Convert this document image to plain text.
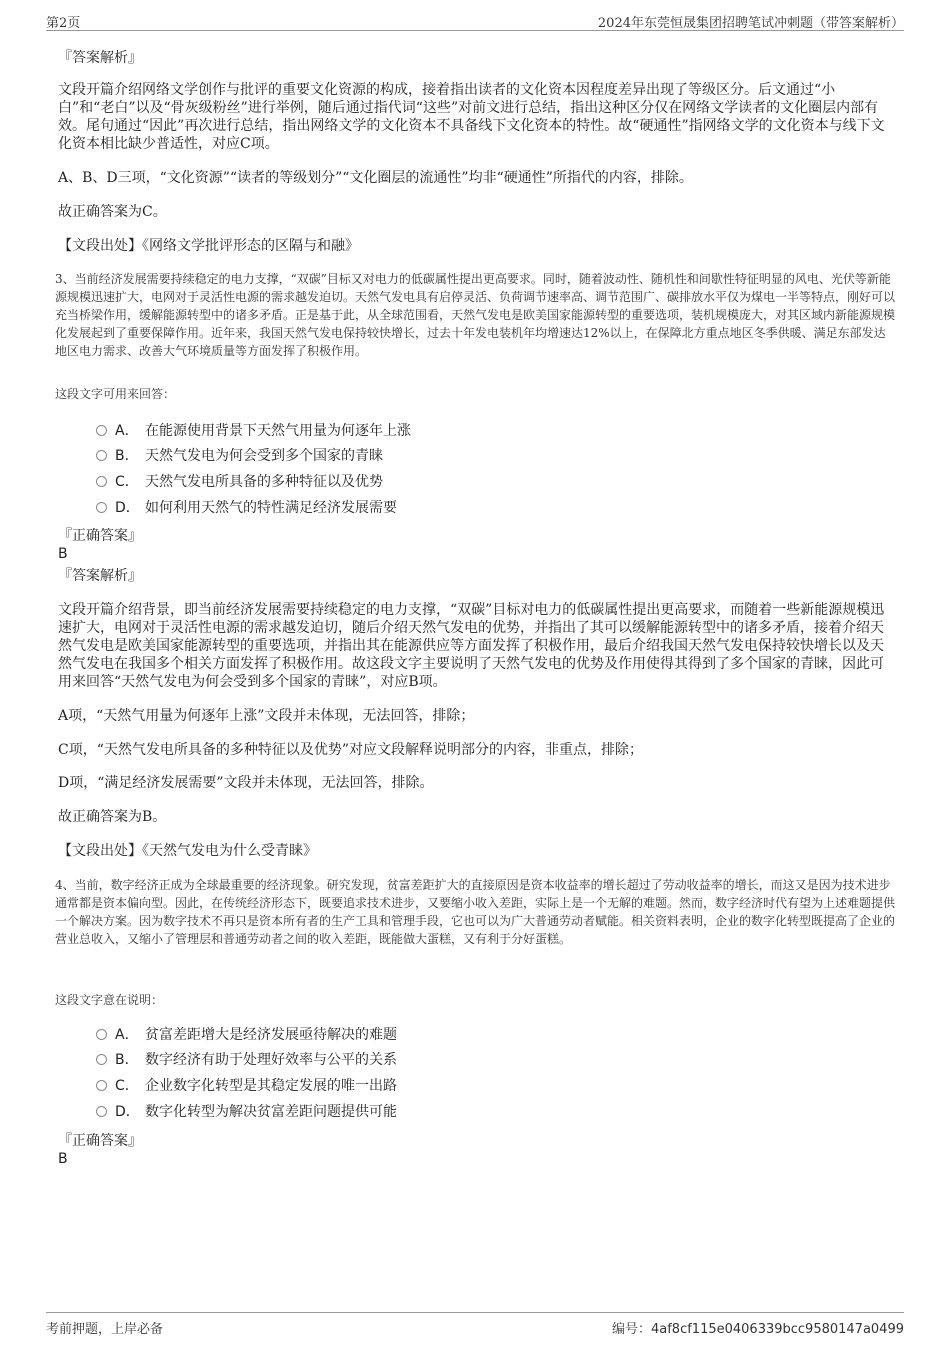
第2页	2024年东莞恒晟集团招聘笔试冲刺题（带答案解析）
『答案解析』

文段开篇介绍网络文学创作与批评的重要文化资源的构成，接着指出读者的文化资本因程度差异出现了等级区分。后文通过“小白”和“老白”以及“骨灰级粉丝”进行举例，随后通过指代词“这些”对前文进行总结，指出这种区分仅在网络文学读者的文化圈层内部有效。尾句通过“因此”再次进行总结，指出网络文学的文化资本不具备线下文化资本的特性。故“硬通性”指网络文学的文化资本与线下文化资本相比缺少普适性，对应C项。

A、B、D三项，“文化资源”“读者的等级划分”“文化圈层的流通性”均非“硬通性”所指代的内容，排除。

故正确答案为C。

【文段出处】《网络文学批评形态的区隔与和融》

3、当前经济发展需要持续稳定的电力支撑，“双碳”目标又对电力的低碳属性提出更高要求。同时，随着波动性、随机性和间歇性特征明显的风电、光伏等新能源规模迅速扩大，电网对于灵活性电源的需求越发迫切。天然气发电具有启停灵活、负荷调节速率高、调节范围广、碳排放水平仅为煤电一半等特点，刚好可以充当桥梁作用，缓解能源转型中的诸多矛盾。正是基于此，从全球范围看，天然气发电是欧美国家能源转型的重要选项，装机规模庞大，对其区域内新能源规模化发展起到了重要保障作用。近年来，我国天然气发电保持较快增长，过去十年发电装机年均增速达12%以上，在保障北方重点地区冬季供暖、满足东部发达地区电力需求、改善大气环境质量等方面发挥了积极作用。

这段文字可用来回答：

A． 在能源使用背景下天然气用量为何逐年上涨
B． 天然气发电为何会受到多个国家的青睐
C． 天然气发电所具备的多种特征以及优势
D． 如何利用天然气的特性满足经济发展需要
『正确答案』
B
『答案解析』

文段开篇介绍背景，即当前经济发展需要持续稳定的电力支撑，“双碳”目标对电力的低碳属性提出更高要求，而随着一些新能源规模迅速扩大，电网对于灵活性电源的需求越发迫切，随后介绍天然气发电的优势，并指出了其可以缓解能源转型中的诸多矛盾，接着介绍天然气发电是欧美国家能源转型的重要选项，并指出其在能源供应等方面发挥了积极作用，最后介绍我国天然气发电保持较快增长以及天然气发电在我国多个相关方面发挥了积极作用。故这段文字主要说明了天然气发电的优势及作用使得其得到了多个国家的青睐，因此可用来回答“天然气发电为何会受到多个国家的青睐”，对应B项。

A项，“天然气用量为何逐年上涨”文段并未体现，无法回答，排除；

C项，“天然气发电所具备的多种特征以及优势”对应文段解释说明部分的内容，非重点，排除；

D项，“满足经济发展需要”文段并未体现，无法回答，排除。

故正确答案为B。

【文段出处】《天然气发电为什么受青睐》

4、当前，数字经济正成为全球最重要的经济现象。研究发现，贫富差距扩大的直接原因是资本收益率的增长超过了劳动收益率的增长，而这又是因为技术进步通常都是资本偏向型。因此，在传统经济形态下，既要追求技术进步，又要缩小收入差距，实际上是一个无解的难题。然而，数字经济时代有望为上述难题提供一个解决方案。因为数字技术不再只是资本所有者的生产工具和管理手段，它也可以为广大普通劳动者赋能。相关资料表明，企业的数字化转型既提高了企业的营业总收入，又缩小了管理层和普通劳动者之间的收入差距，既能做大蛋糕，又有利于分好蛋糕。

这段文字意在说明：

A． 贫富差距增大是经济发展亟待解决的难题
B． 数字经济有助于处理好效率与公平的关系
C． 企业数字化转型是其稳定发展的唯一出路
D． 数字化转型为解决贫富差距问题提供可能
『正确答案』
B
考前押题，上岸必备	编号：4af8cf115e0406339bcc9580147a0499
